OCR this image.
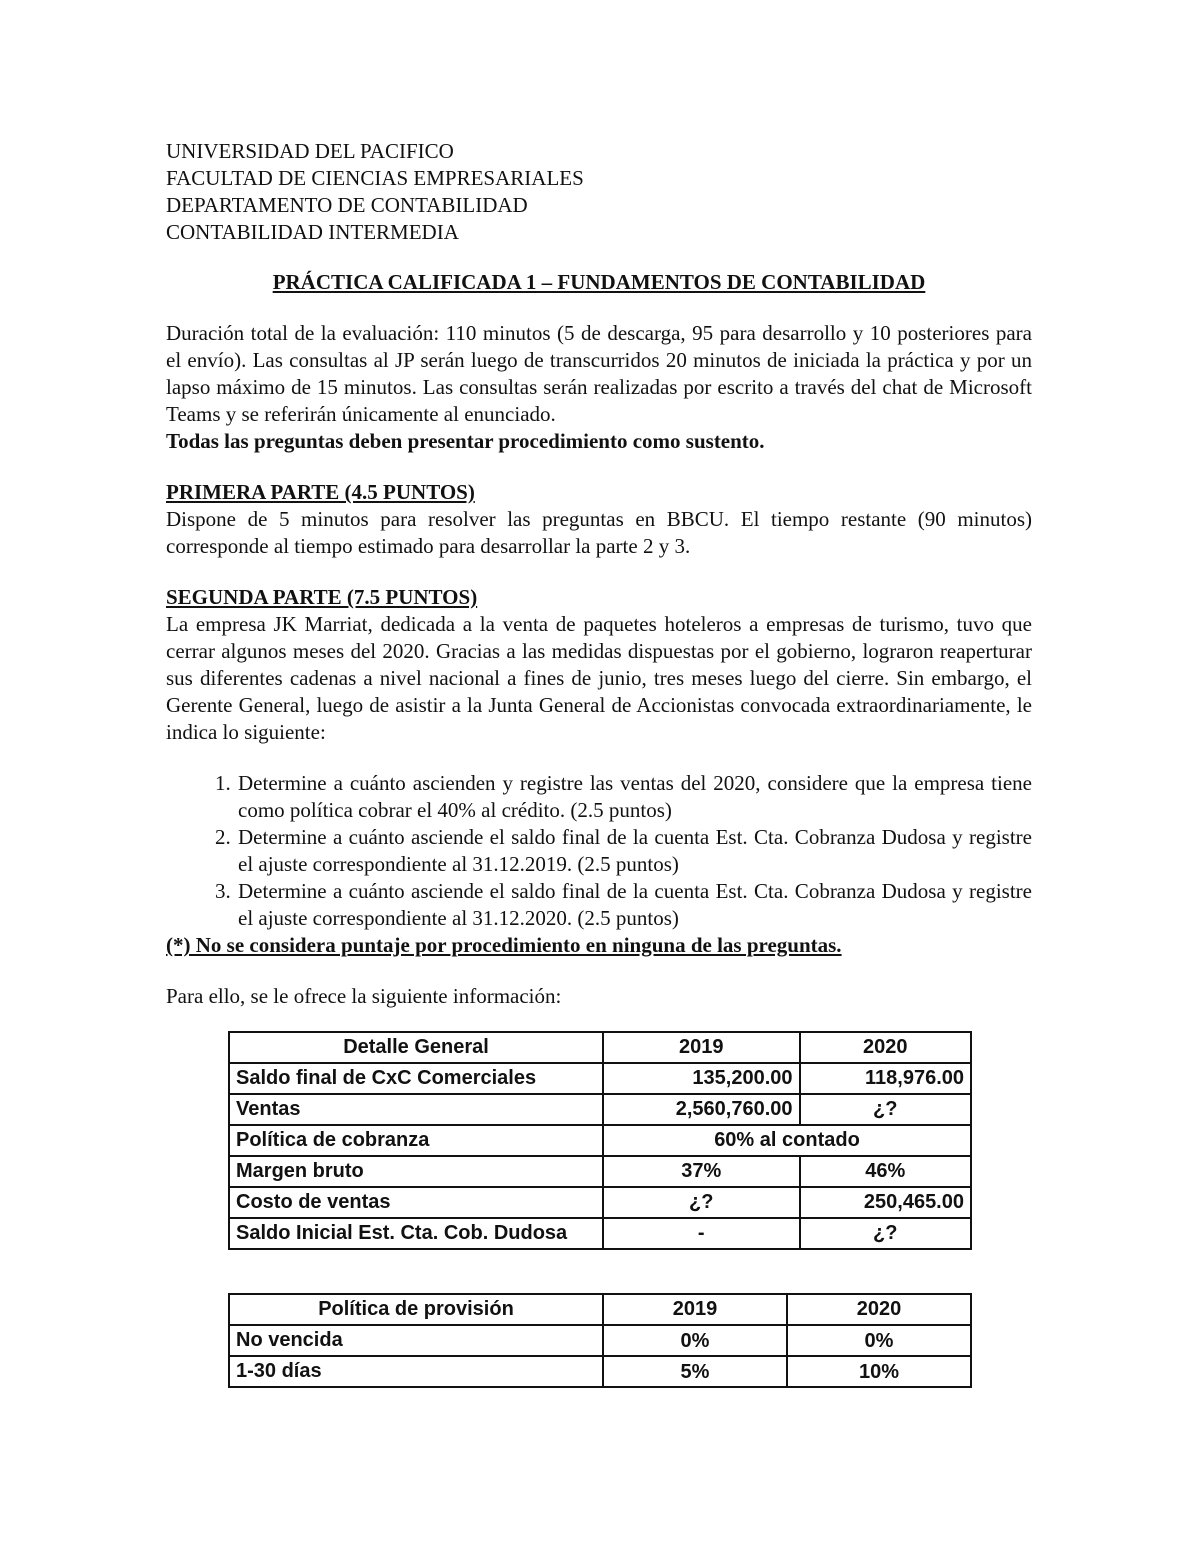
UNIVERSIDAD DEL PACIFICO
FACULTAD DE CIENCIAS EMPRESARIALES
DEPARTAMENTO DE CONTABILIDAD
CONTABILIDAD INTERMEDIA
PRÁCTICA CALIFICADA 1 – FUNDAMENTOS DE CONTABILIDAD
Duración total de la evaluación: 110 minutos (5 de descarga, 95 para desarrollo y 10 posteriores para el envío). Las consultas al JP serán luego de transcurridos 20 minutos de iniciada la práctica y por un lapso máximo de 15 minutos. Las consultas serán realizadas por escrito a través del chat de Microsoft Teams y se referirán únicamente al enunciado.
Todas las preguntas deben presentar procedimiento como sustento.
PRIMERA PARTE (4.5 PUNTOS)
Dispone de 5 minutos para resolver las preguntas en BBCU. El tiempo restante (90 minutos) corresponde al tiempo estimado para desarrollar la parte 2 y 3.
SEGUNDA PARTE (7.5 PUNTOS)
La empresa JK Marriat, dedicada a la venta de paquetes hoteleros a empresas de turismo, tuvo que cerrar algunos meses del 2020. Gracias a las medidas dispuestas por el gobierno, lograron reaperturar sus diferentes cadenas a nivel nacional a fines de junio, tres meses luego del cierre. Sin embargo, el Gerente General, luego de asistir a la Junta General de Accionistas convocada extraordinariamente, le indica lo siguiente:
1. Determine a cuánto ascienden y registre las ventas del 2020, considere que la empresa tiene como política cobrar el 40% al crédito. (2.5 puntos)
2. Determine a cuánto asciende el saldo final de la cuenta Est. Cta. Cobranza Dudosa y registre el ajuste correspondiente al 31.12.2019. (2.5 puntos)
3. Determine a cuánto asciende el saldo final de la cuenta Est. Cta. Cobranza Dudosa y registre el ajuste correspondiente al 31.12.2020. (2.5 puntos)
(*) No se considera puntaje por procedimiento en ninguna de las preguntas.
Para ello, se le ofrece la siguiente información:
Detalle General	2019	2020
Saldo final de CxC Comerciales	135,200.00	118,976.00
Ventas	2,560,760.00	¿?
Política de cobranza	60% al contado	
Margen bruto	37%	46%
Costo de ventas	¿?	250,465.00
Saldo Inicial Est. Cta. Cob. Dudosa	-	¿?
Política de provisión	2019	2020
No vencida	0%	0%
1-30 días	5%	10%
